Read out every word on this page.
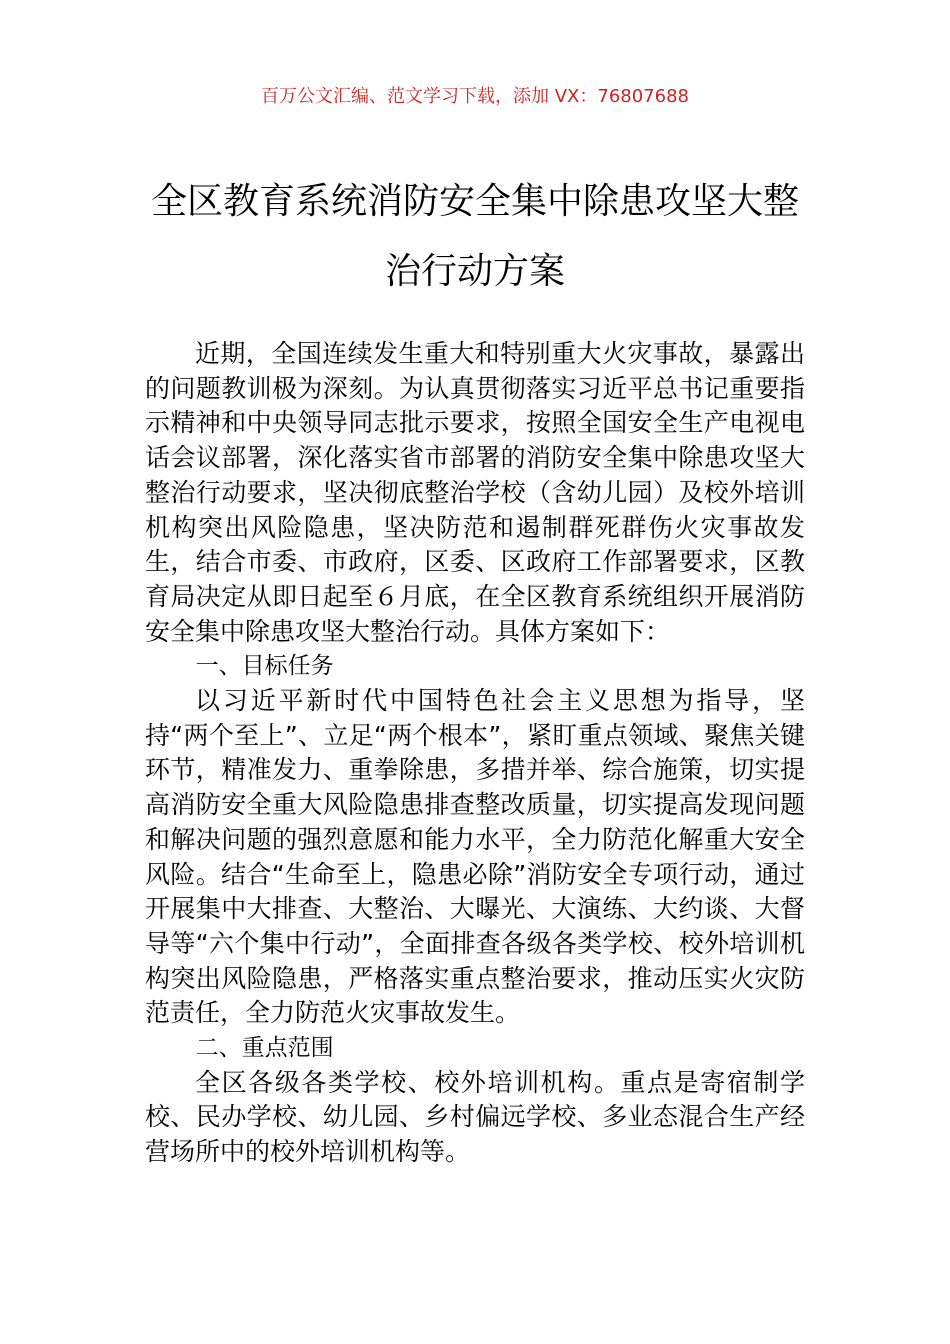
百万公文汇编、范文学习下载，添加 VX：76807688
全区教育系统消防安全集中除患攻坚大整
治行动方案

近期，全国连续发生重大和特别重大火灾事故，暴露出的问题教训极为深刻。为认真贯彻落实习近平总书记重要指示精神和中央领导同志批示要求，按照全国安全生产电视电话会议部署，深化落实省市部署的消防安全集中除患攻坚大整治行动要求，坚决彻底整治学校（含幼儿园）及校外培训机构突出风险隐患，坚决防范和遏制群死群伤火灾事故发生，结合市委、市政府，区委、区政府工作部署要求，区教育局决定从即日起至６月底，在全区教育系统组织开展消防安全集中除患攻坚大整治行动。具体方案如下：

一、目标任务

以习近平新时代中国特色社会主义思想为指导，坚持“两个至上”、立足“两个根本”，紧盯重点领域、聚焦关键环节，精准发力、重拳除患，多措并举、综合施策，切实提高消防安全重大风险隐患排查整改质量，切实提高发现问题和解决问题的强烈意愿和能力水平，全力防范化解重大安全风险。结合“生命至上，隐患必除”消防安全专项行动，通过开展集中大排查、大整治、大曝光、大演练、大约谈、大督导等“六个集中行动”，全面排查各级各类学校、校外培训机构突出风险隐患，严格落实重点整治要求，推动压实火灾防范责任，全力防范火灾事故发生。

二、重点范围

全区各级各类学校、校外培训机构。重点是寄宿制学校、民办学校、幼儿园、乡村偏远学校、多业态混合生产经营场所中的校外培训机构等。
